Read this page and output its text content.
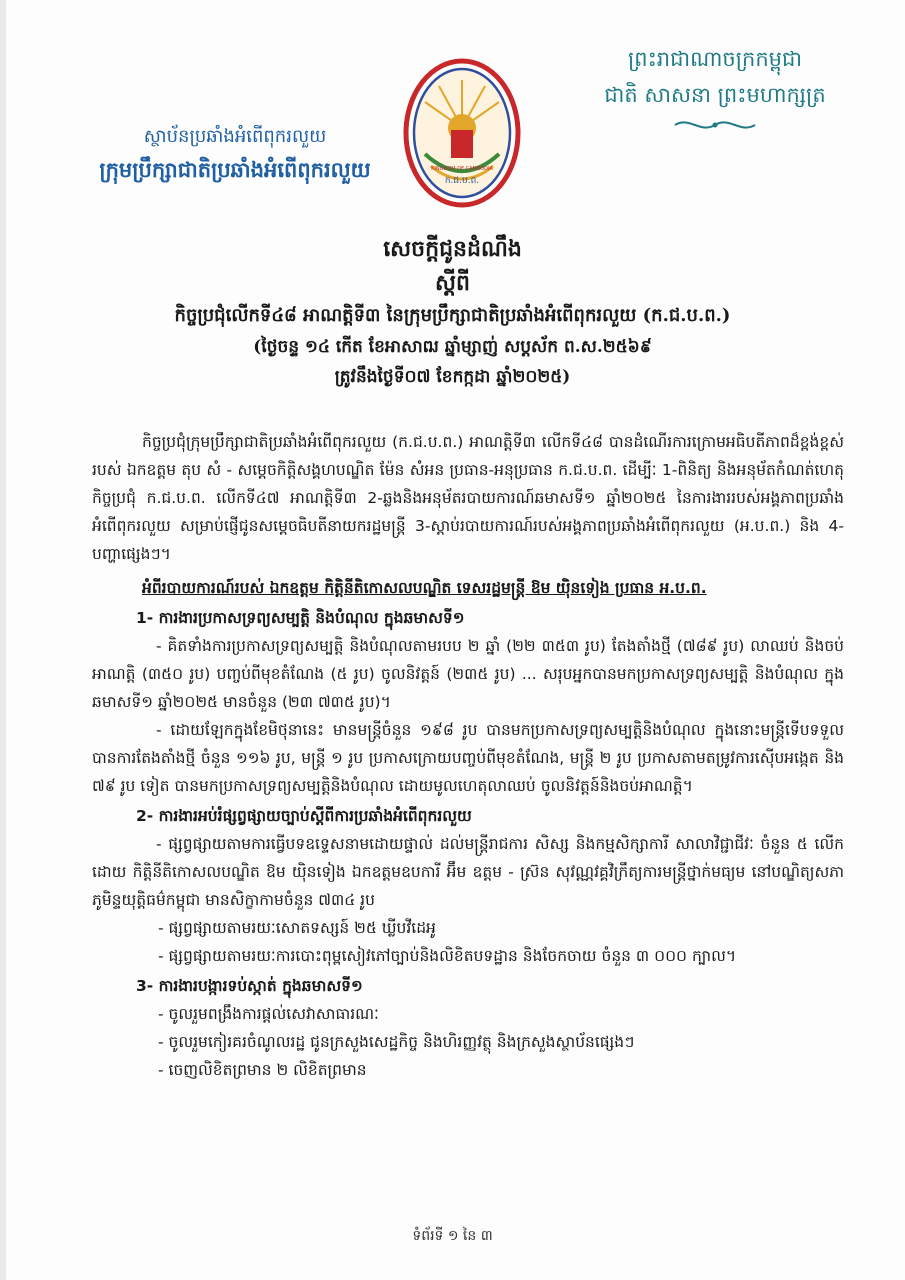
ព្រះរាជាណាចក្រកម្ពុជា
ជាតិ សាសនា ព្រះមហាក្សត្រ
ស្ថាប័នប្រឆាំងអំពើពុករលួយ
ក្រុមប្រឹក្សាជាតិប្រឆាំងអំពើពុករលួយ	ក.ជ.ប.ព.
KINGDOM OF CAMBODIA
សេចក្តីជូនដំណឹង
ស្តីពី
កិច្ចប្រជុំលើកទី៤៨ អាណត្តិទី៣ នៃក្រុមប្រឹក្សាជាតិប្រឆាំងអំពើពុករលួយ (ក.ជ.ប.ព.)
(ថ្ងៃចន្ទ ១៤ កើត ខែអាសាឍ ឆ្នាំម្សាញ់ សប្តស័ក ព.ស.២៥៦៩
ត្រូវនឹងថ្ងៃទី០៧ ខែកក្កដា ឆ្នាំ២០២៥)

កិច្ចប្រជុំក្រុមប្រឹក្សាជាតិប្រឆាំងអំពើពុករលួយ (ក.ជ.ប.ព.) អាណត្តិទី៣ លើកទី៤៨ បានដំណើរការក្រោមអធិបតីភាពដ៏ខ្ពង់ខ្ពស់របស់ ឯកឧត្តម តុប សំ - សម្តេចកិត្តិសង្គហបណ្ឌិត ម៉ែន សំអន ប្រធាន-អនុប្រធាន ក.ជ.ប.ព. ដើម្បីៈ 1-ពិនិត្យ និងអនុម័តកំណត់ហេតុកិច្ចប្រជុំ ក.ជ.ប.ព. លើកទី៤៧ អាណត្តិទី៣ 2-ឆ្លងនិងអនុម័តរបាយការណ៍ឆមាសទី១ ឆ្នាំ២០២៥ នៃការងាររបស់អង្គភាពប្រឆាំងអំពើពុករលួយ សម្រាប់ផ្ញើជូនសម្តេចធិបតីនាយករដ្ឋមន្ត្រី 3-ស្តាប់របាយការណ៍របស់អង្គភាពប្រឆាំងអំពើពុករលួយ (អ.ប.ព.) និង 4-បញ្ហាផ្សេងៗ។

អំពីរបាយការណ៍របស់ ឯកឧត្តម កិត្តិនីតិកោសលបណ្ឌិត ទេសរដ្ឋមន្ត្រី ឱម យ៉ិនទៀង ប្រធាន អ.ប.ព.

1- ការងារប្រកាសទ្រព្យសម្បត្តិ និងបំណុល ក្នុងឆមាសទី១

- គិតទាំងការប្រកាសទ្រព្យសម្បត្តិ និងបំណុលតាមរបប ២ ឆ្នាំ (២២ ៣៥៣ រូប) តែងតាំងថ្មី (៧៨៩ រូប) លាឈប់ និងចប់អាណត្តិ (៣៥០ រូប) បញ្ចប់ពីមុខតំណែង (៥ រូប) ចូលនិវត្តន៍ (២៣៥ រូប) ... សរុបអ្នកបានមកប្រកាសទ្រព្យសម្បត្តិ និងបំណុល ក្នុងឆមាសទី១ ឆ្នាំ២០២៥ មានចំនួន (២៣ ៧៣៥ រូប)។

- ដោយឡែកក្នុងខែមិថុនានេះ មានមន្ត្រីចំនួន ១៩៨ រូប បានមកប្រកាសទ្រព្យសម្បត្តិនិងបំណុល ក្នុងនោះមន្ត្រីទើបទទួលបានការតែងតាំងថ្មី ចំនួន ១១៦ រូប, មន្ត្រី ១ រូប ប្រកាសក្រោយបញ្ចប់ពីមុខតំណែង, មន្ត្រី ២ រូប ប្រកាសតាមតម្រូវការស៊ើបអង្កេត និង ៧៩ រូប ទៀត បានមកប្រកាសទ្រព្យសម្បត្តិនិងបំណុល ដោយមូលហេតុលាឈប់ ចូលនិវត្តន៍និងចប់អាណត្តិ។

2- ការងារអប់រំផ្សព្វផ្សាយច្បាប់ស្តីពីការប្រឆាំងអំពើពុករលួយ

- ផ្សព្វផ្សាយតាមការធ្វើបទឧទ្ទេសនាមដោយផ្ទាល់ ដល់មន្ត្រីរាជការ សិស្ស និងកម្មសិក្សាការី សាលាវិជ្ជាជីវៈ ចំនួន ៥ លើក ដោយ កិត្តិនីតិកោសលបណ្ឌិត ឱម យ៉ិនទៀង ឯកឧត្តមឧបការី អ៊ឹម ឧត្តម - ស្រ៊ន សុវណ្ណវគ្គវិក្រឹត្យការមន្ត្រីថ្នាក់មធ្យម នៅបណ្ឌិត្យសភាភូមិន្ទយុត្តិធម៌កម្ពុជា មានសិក្ខាកាមចំនួន ៧៣៤ រូប

- ផ្សព្វផ្សាយតាមរយៈសោតទស្សន៍ ២៥ ឃ្លីបវីដេអូ

- ផ្សព្វផ្សាយតាមរយៈការបោះពុម្ពសៀវភៅច្បាប់និងលិខិតបទដ្ឋាន និងចែកចាយ ចំនួន ៣ ០០០ ក្បាល។

3- ការងារបង្ការទប់ស្កាត់ ក្នុងឆមាសទី១

- ចូលរួមពង្រឹងការផ្តល់សេវាសាធារណៈ

- ចូលរួមកៀរគរចំណូលរដ្ឋ ជូនក្រសួងសេដ្ឋកិច្ច និងហិរញ្ញវត្ថុ និងក្រសួងស្ថាប័នផ្សេងៗ

- ចេញលិខិតព្រមាន ២ លិខិតព្រមាន

ទំព័រទី ១ នៃ ៣
